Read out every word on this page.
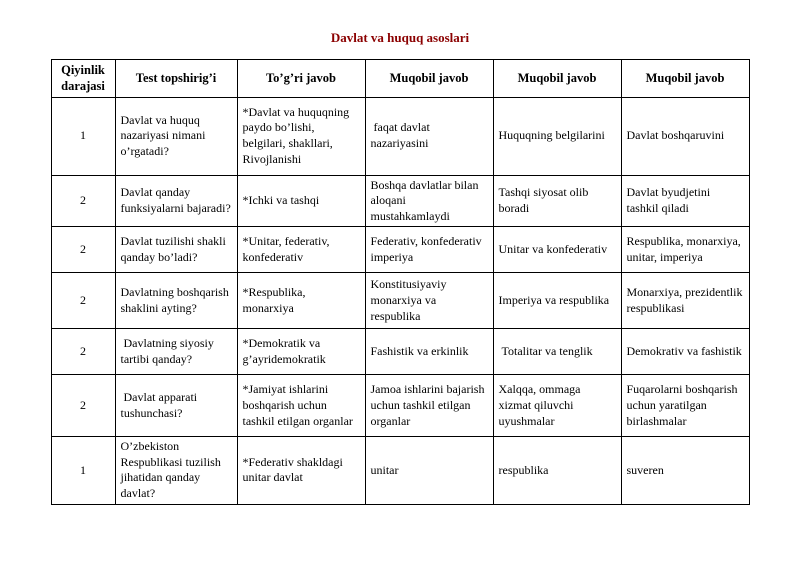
Davlat va huquq asoslari
Qiyinlik darajasi	Test topshirig’i	To’g’ri javob	Muqobil javob	Muqobil javob	Muqobil javob
1	Davlat va huquq nazariyasi nimani o’rgatadi?	*Davlat va huquqning paydo bo’lishi, belgilari, shakllari, Rivojlanishi	faqat davlat nazariyasini	Huquqning belgilarini	Davlat boshqaruvini
2	Davlat qanday funksiyalarni bajaradi?	*Ichki va tashqi	Boshqa davlatlar bilan aloqani mustahkamlaydi	Tashqi siyosat olib boradi	Davlat byudjetini tashkil qiladi
2	Davlat tuzilishi shakli qanday bo’ladi?	*Unitar, federativ, konfederativ	Federativ, konfederativ imperiya	Unitar va konfederativ	Respublika, monarxiya, unitar, imperiya
2	Davlatning boshqarish shaklini ayting?	*Respublika, monarxiya	Konstitusiyaviy monarxiya va respublika	Imperiya va respublika	Monarxiya, prezidentlik respublikasi
2	Davlatning siyosiy tartibi qanday?	*Demokratik va g’ayridemokratik	Fashistik va erkinlik	Totalitar va tenglik	Demokrativ va fashistik
2	Davlat apparati tushunchasi?	*Jamiyat ishlarini boshqarish uchun tashkil etilgan organlar	Jamoa ishlarini bajarish uchun tashkil etilgan organlar	Xalqqa, ommaga xizmat qiluvchi uyushmalar	Fuqarolarni boshqarish uchun yaratilgan birlashmalar
1	O’zbekiston Respublikasi tuzilish jihatidan qanday davlat?	*Federativ shakldagi unitar davlat	unitar	respublika	suveren
